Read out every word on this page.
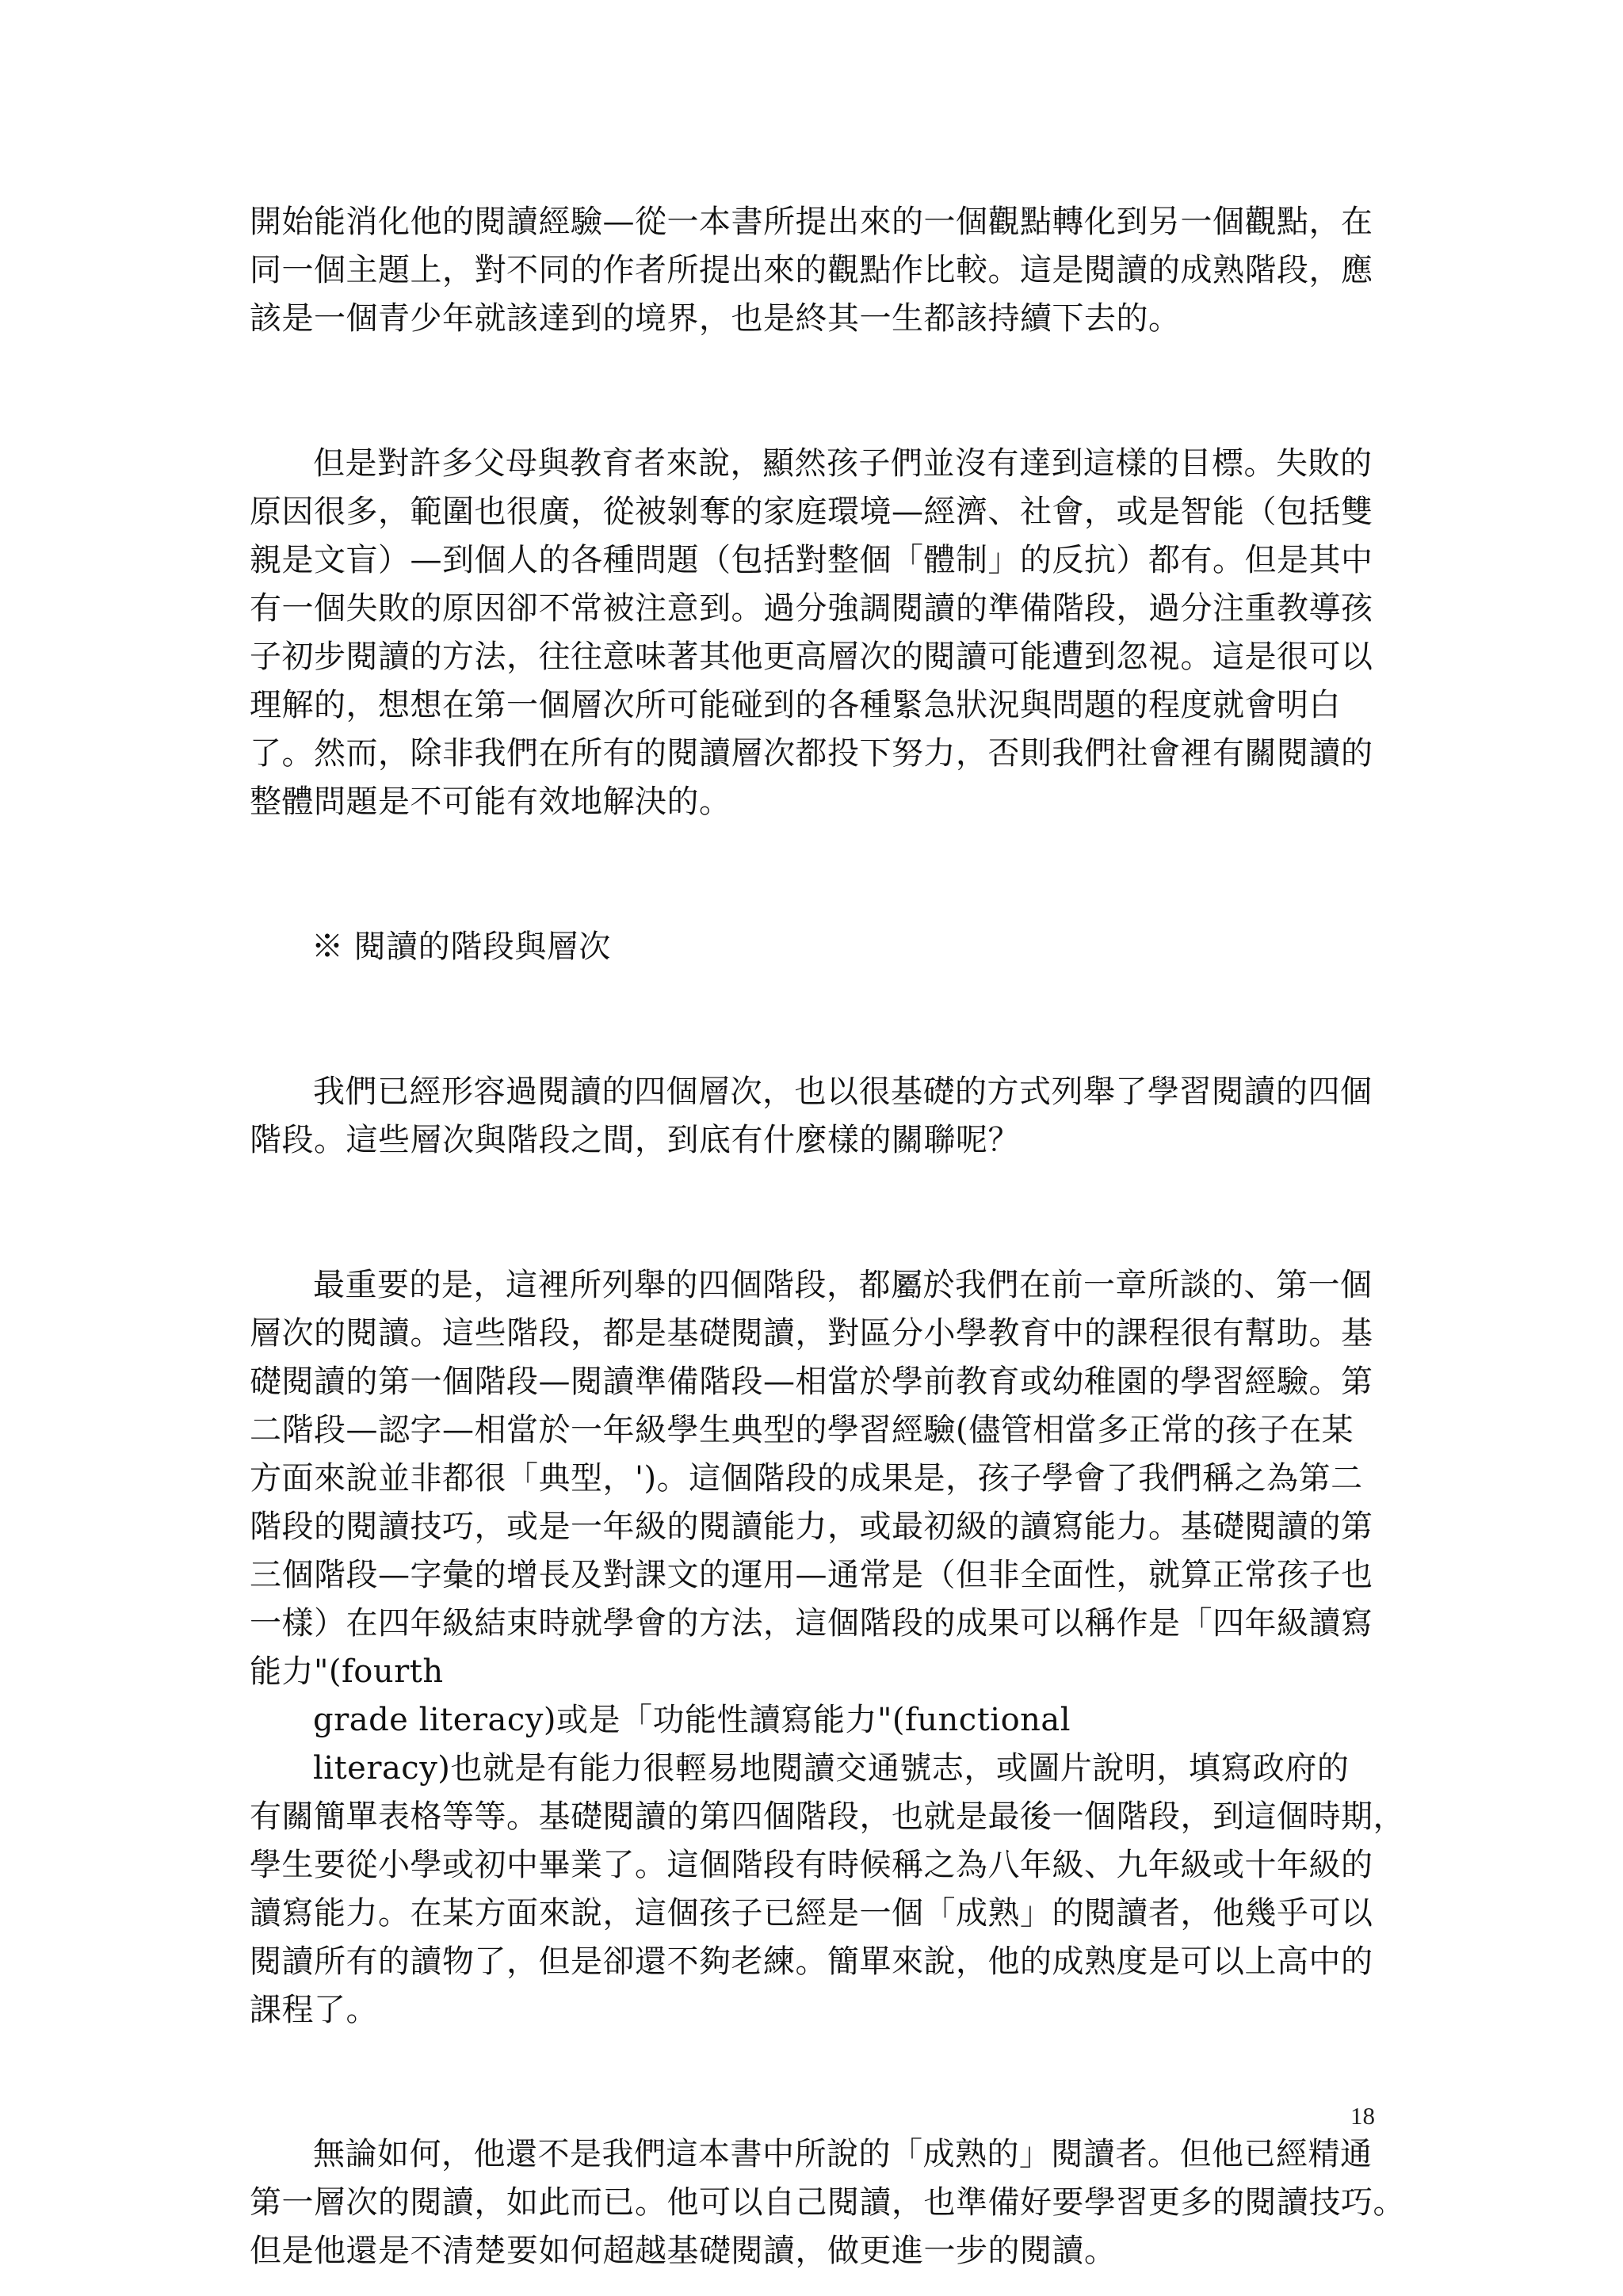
開始能消化他的閱讀經驗—從一本書所提出來的一個觀點轉化到另一個觀點，在
同一個主題上，對不同的作者所提出來的觀點作比較。這是閱讀的成熟階段，應
該是一個青少年就該達到的境界，也是終其一生都該持續下去的。
但是對許多父母與教育者來說，顯然孩子們並沒有達到這樣的目標。失敗的
原因很多，範圍也很廣，從被剝奪的家庭環境—經濟、社會，或是智能（包括雙
親是文盲）—到個人的各種問題（包括對整個「體制」的反抗）都有。但是其中
有一個失敗的原因卻不常被注意到。過分強調閱讀的準備階段，過分注重教導孩
子初步閱讀的方法，往往意味著其他更高層次的閱讀可能遭到忽視。這是很可以
理解的，想想在第一個層次所可能碰到的各種緊急狀況與問題的程度就會明白
了。然而，除非我們在所有的閱讀層次都投下努力，否則我們社會裡有關閱讀的
整體問題是不可能有效地解決的。
※ 閱讀的階段與層次
我們已經形容過閱讀的四個層次，也以很基礎的方式列舉了學習閱讀的四個
階段。這些層次與階段之間，到底有什麼樣的關聯呢？
最重要的是，這裡所列舉的四個階段，都屬於我們在前一章所談的、第一個
層次的閱讀。這些階段，都是基礎閱讀，對區分小學教育中的課程很有幫助。基
礎閱讀的第一個階段—閱讀準備階段—相當於學前教育或幼稚園的學習經驗。第
二階段—認字—相當於一年級學生典型的學習經驗(儘管相當多正常的孩子在某
方面來說並非都很「典型，')。這個階段的成果是，孩子學會了我們稱之為第二
階段的閱讀技巧，或是一年級的閱讀能力，或最初級的讀寫能力。基礎閱讀的第
三個階段—字彙的增長及對課文的運用—通常是（但非全面性，就算正常孩子也
一樣）在四年級結束時就學會的方法，這個階段的成果可以稱作是「四年級讀寫
能力"(fourth
grade literacy)或是「功能性讀寫能力"(functional
literacy)也就是有能力很輕易地閱讀交通號志，或圖片說明，填寫政府的
有關簡單表格等等。基礎閱讀的第四個階段，也就是最後一個階段，到這個時期，
學生要從小學或初中畢業了。這個階段有時候稱之為八年級、九年級或十年級的
讀寫能力。在某方面來說，這個孩子已經是一個「成熟」的閱讀者，他幾乎可以
閱讀所有的讀物了，但是卻還不夠老練。簡單來說，他的成熟度是可以上高中的
課程了。
無論如何，他還不是我們這本書中所說的「成熟的」閱讀者。但他已經精通
第一層次的閱讀，如此而已。他可以自己閱讀，也準備好要學習更多的閱讀技巧。
但是他還是不清楚要如何超越基礎閱讀，做更進一步的閱讀。
18
